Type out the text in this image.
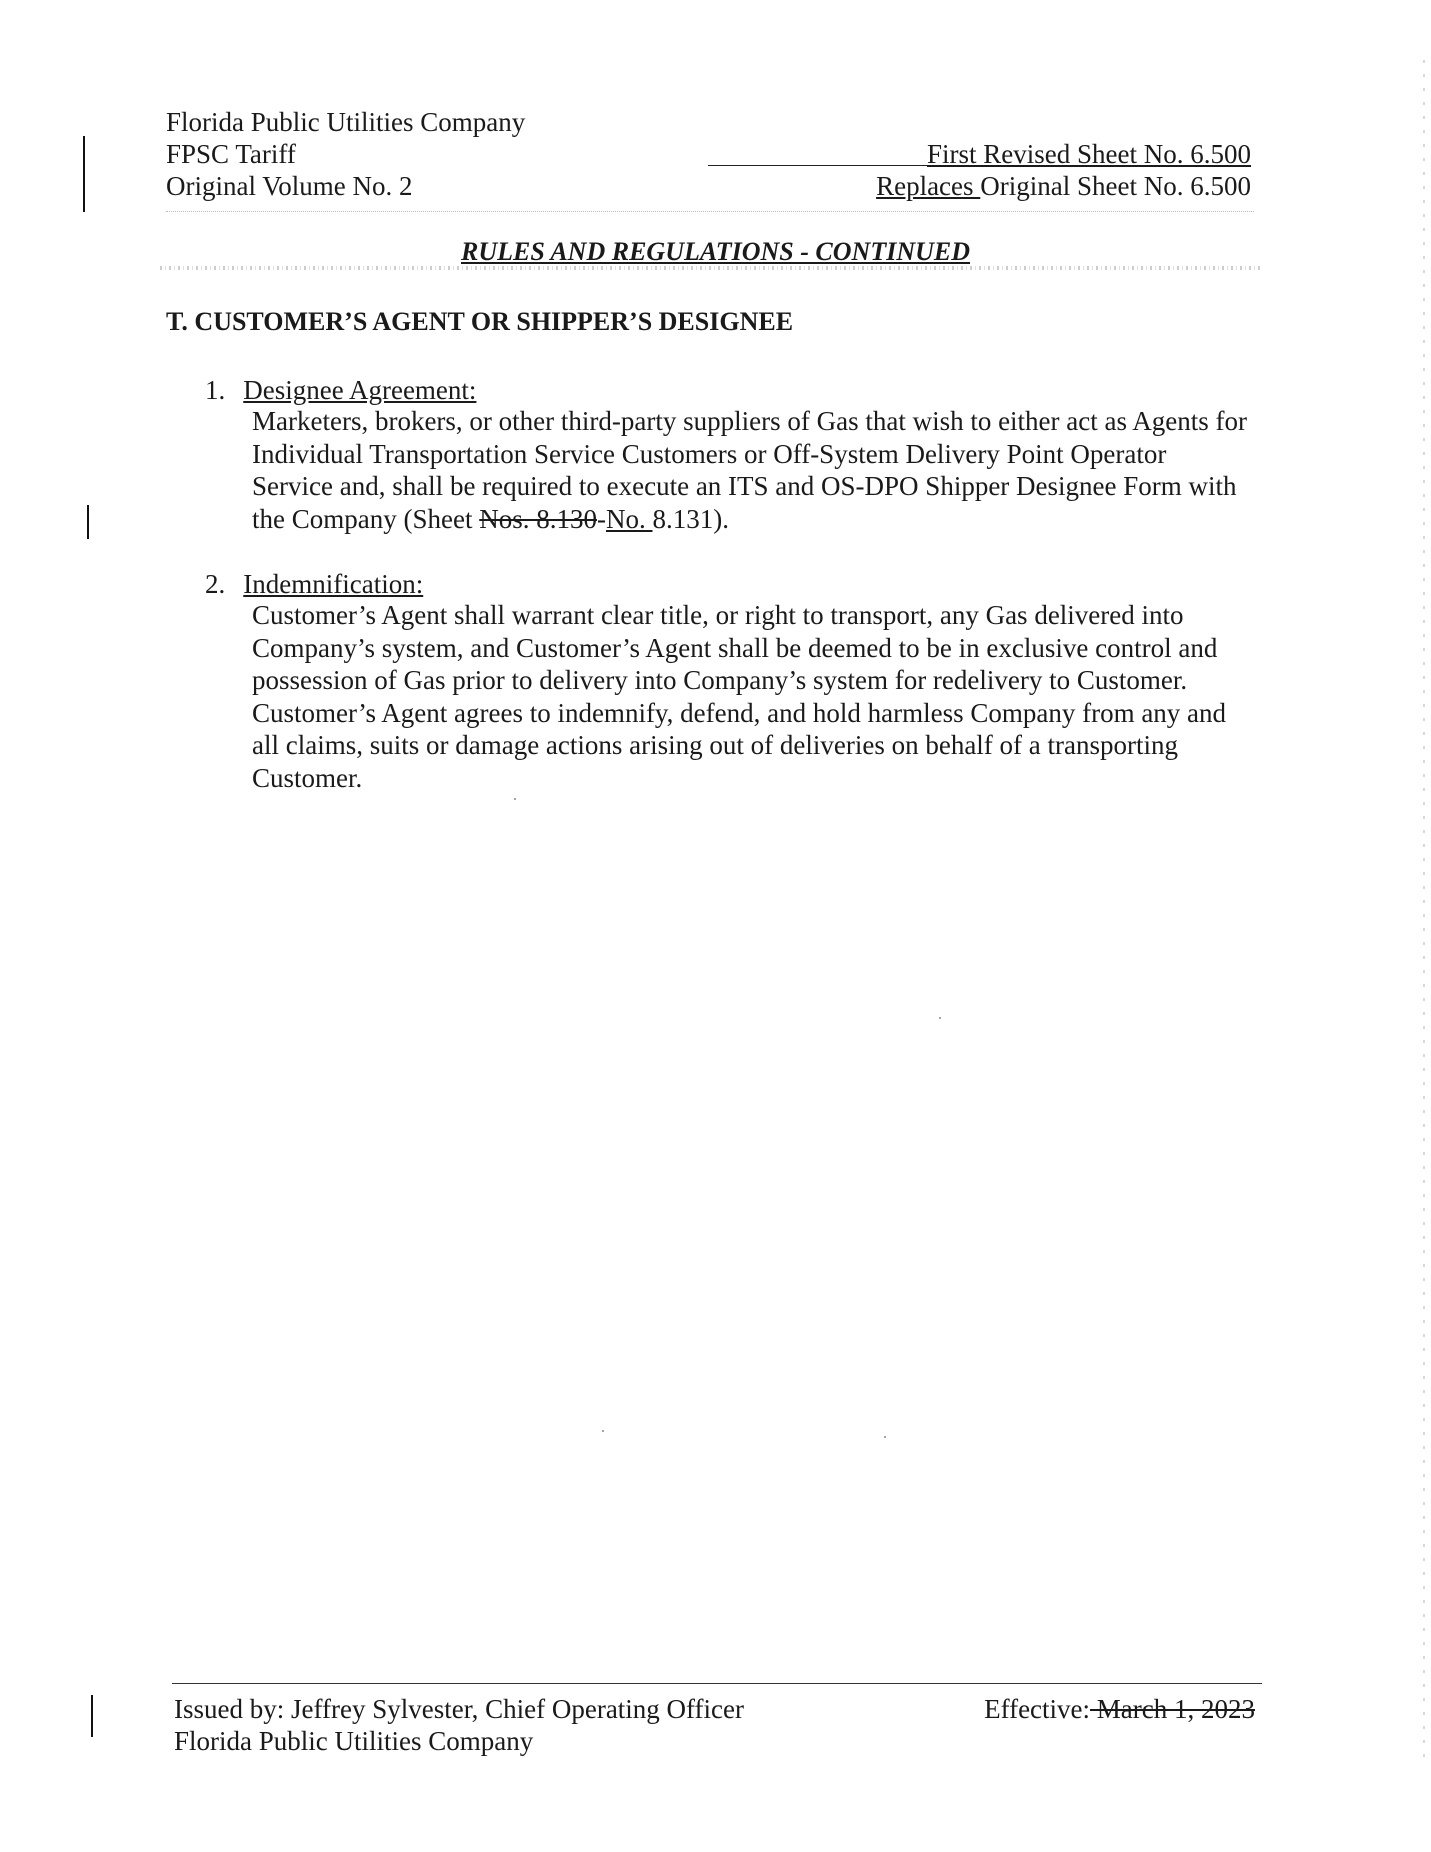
Florida Public Utilities Company
FPSC Tariff
Original Volume No. 2
First Revised Sheet No. 6.500
Replaces Original Sheet No. 6.500
RULES AND REGULATIONS - CONTINUED
T. CUSTOMER’S AGENT OR SHIPPER’S DESIGNEE
1. Designee Agreement:
Marketers, brokers, or other third-party suppliers of Gas that wish to either act as Agents for Individual Transportation Service Customers or Off-System Delivery Point Operator Service and, shall be required to execute an ITS and OS-DPO Shipper Designee Form with the Company (Sheet Nos. 8.130-No. 8.131).
2. Indemnification:
Customer’s Agent shall warrant clear title, or right to transport, any Gas delivered into Company’s system, and Customer’s Agent shall be deemed to be in exclusive control and possession of Gas prior to delivery into Company’s system for redelivery to Customer. Customer’s Agent agrees to indemnify, defend, and hold harmless Company from any and all claims, suits or damage actions arising out of deliveries on behalf of a transporting Customer.
Issued by: Jeffrey Sylvester, Chief Operating Officer
Florida Public Utilities Company
Effective: March 1, 2023
